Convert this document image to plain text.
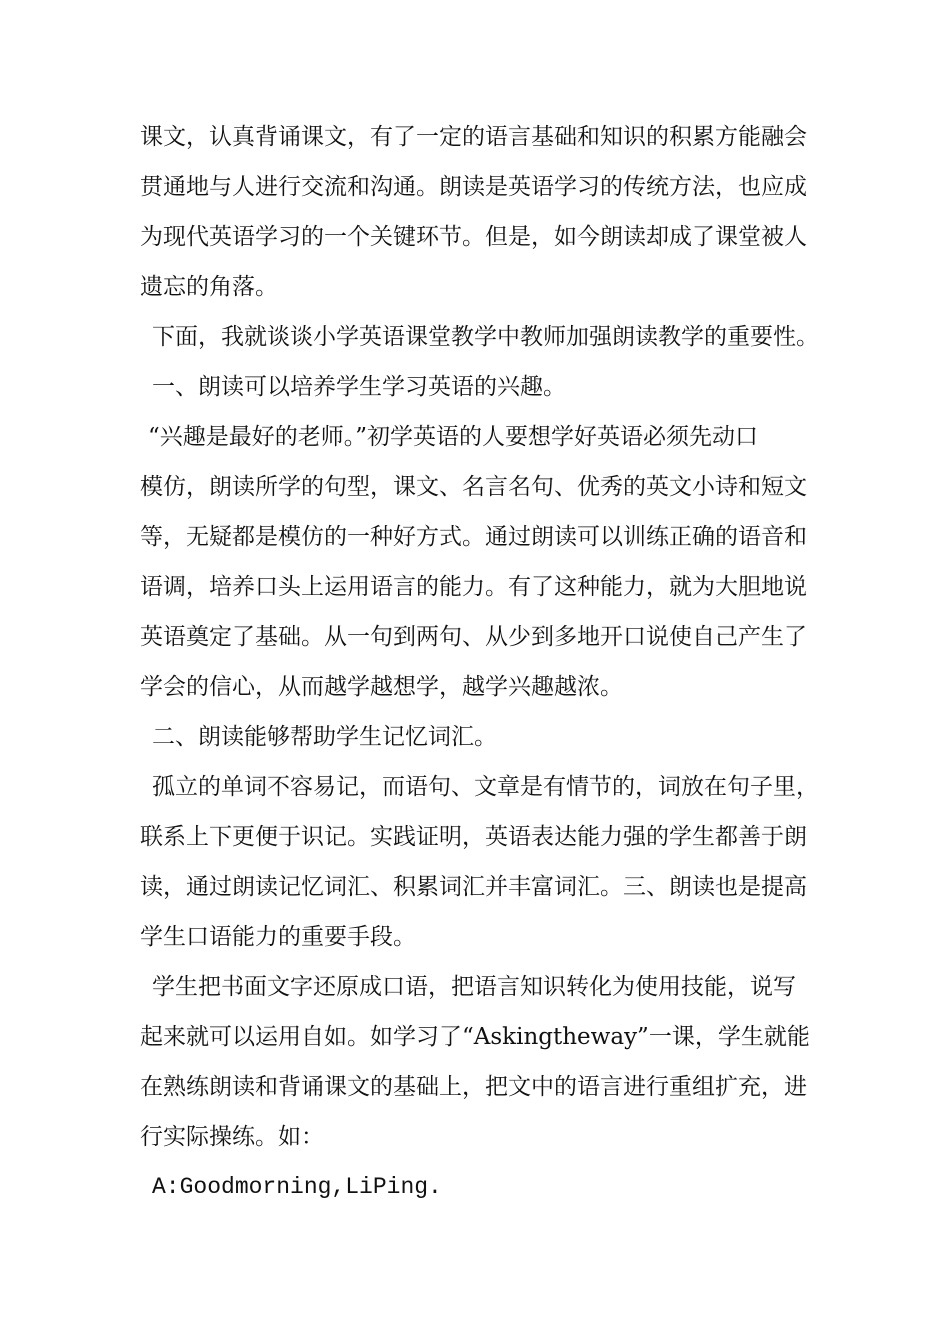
课文，认真背诵课文，有了一定的语言基础和知识的积累方能融会

贯通地与人进行交流和沟通。朗读是英语学习的传统方法，也应成

为现代英语学习的一个关键环节。但是，如今朗读却成了课堂被人

遗忘的角落。

下面，我就谈谈小学英语课堂教学中教师加强朗读教学的重要性。

一、朗读可以培养学生学习英语的兴趣。

“兴趣是最好的老师。”初学英语的人要想学好英语必须先动口

模仿，朗读所学的句型，课文、名言名句、优秀的英文小诗和短文

等，无疑都是模仿的一种好方式。通过朗读可以训练正确的语音和

语调，培养口头上运用语言的能力。有了这种能力，就为大胆地说

英语奠定了基础。从一句到两句、从少到多地开口说使自己产生了

学会的信心，从而越学越想学，越学兴趣越浓。

二、朗读能够帮助学生记忆词汇。

孤立的单词不容易记，而语句、文章是有情节的，词放在句子里，

联系上下更便于识记。实践证明，英语表达能力强的学生都善于朗

读，通过朗读记忆词汇、积累词汇并丰富词汇。三、朗读也是提高

学生口语能力的重要手段。

学生把书面文字还原成口语，把语言知识转化为使用技能，说写

起来就可以运用自如。如学习了“Askingtheway”一课，学生就能

在熟练朗读和背诵课文的基础上，把文中的语言进行重组扩充，进

行实际操练。如：

A:Goodmorning,LiPing.
